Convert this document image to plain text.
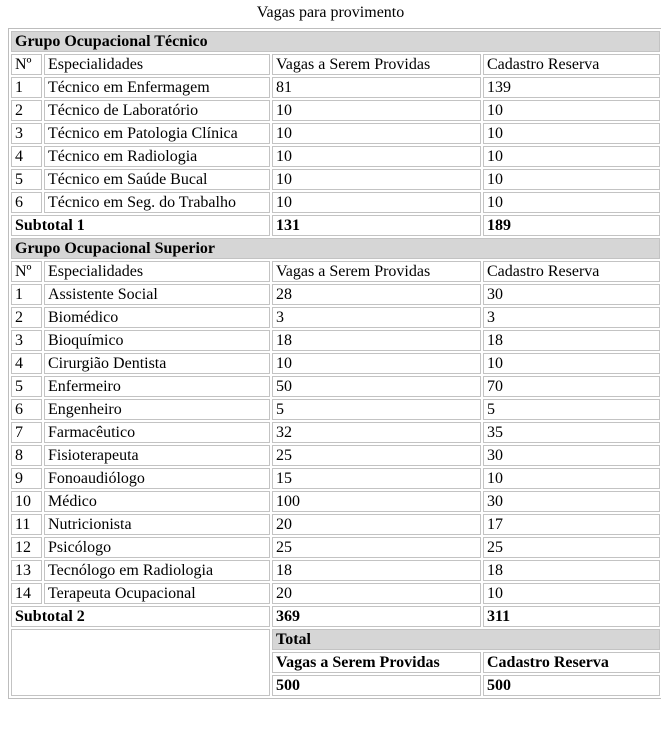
Vagas para provimento
Grupo Ocupacional Técnico			
Nº	Especialidades	Vagas a Serem Providas	Cadastro Reserva
1	Técnico em Enfermagem	81	139
2	Técnico de Laboratório	10	10
3	Técnico em Patologia Clínica	10	10
4	Técnico em Radiologia	10	10
5	Técnico em Saúde Bucal	10	10
6	Técnico em Seg. do Trabalho	10	10
Subtotal 1		131	189
Grupo Ocupacional Superior			
Nº	Especialidades	Vagas a Serem Providas	Cadastro Reserva
1	Assistente Social	28	30
2	Biomédico	3	3
3	Bioquímico	18	18
4	Cirurgião Dentista	10	10
5	Enfermeiro	50	70
6	Engenheiro	5	5
7	Farmacêutico	32	35
8	Fisioterapeuta	25	30
9	Fonoaudiólogo	15	10
10	Médico	100	30
11	Nutricionista	20	17
12	Psicólogo	25	25
13	Tecnólogo em Radiologia	18	18
14	Terapeuta Ocupacional	20	10
Subtotal 2		369	311
		Total	
		Vagas a Serem Providas	Cadastro Reserva
		500	500
